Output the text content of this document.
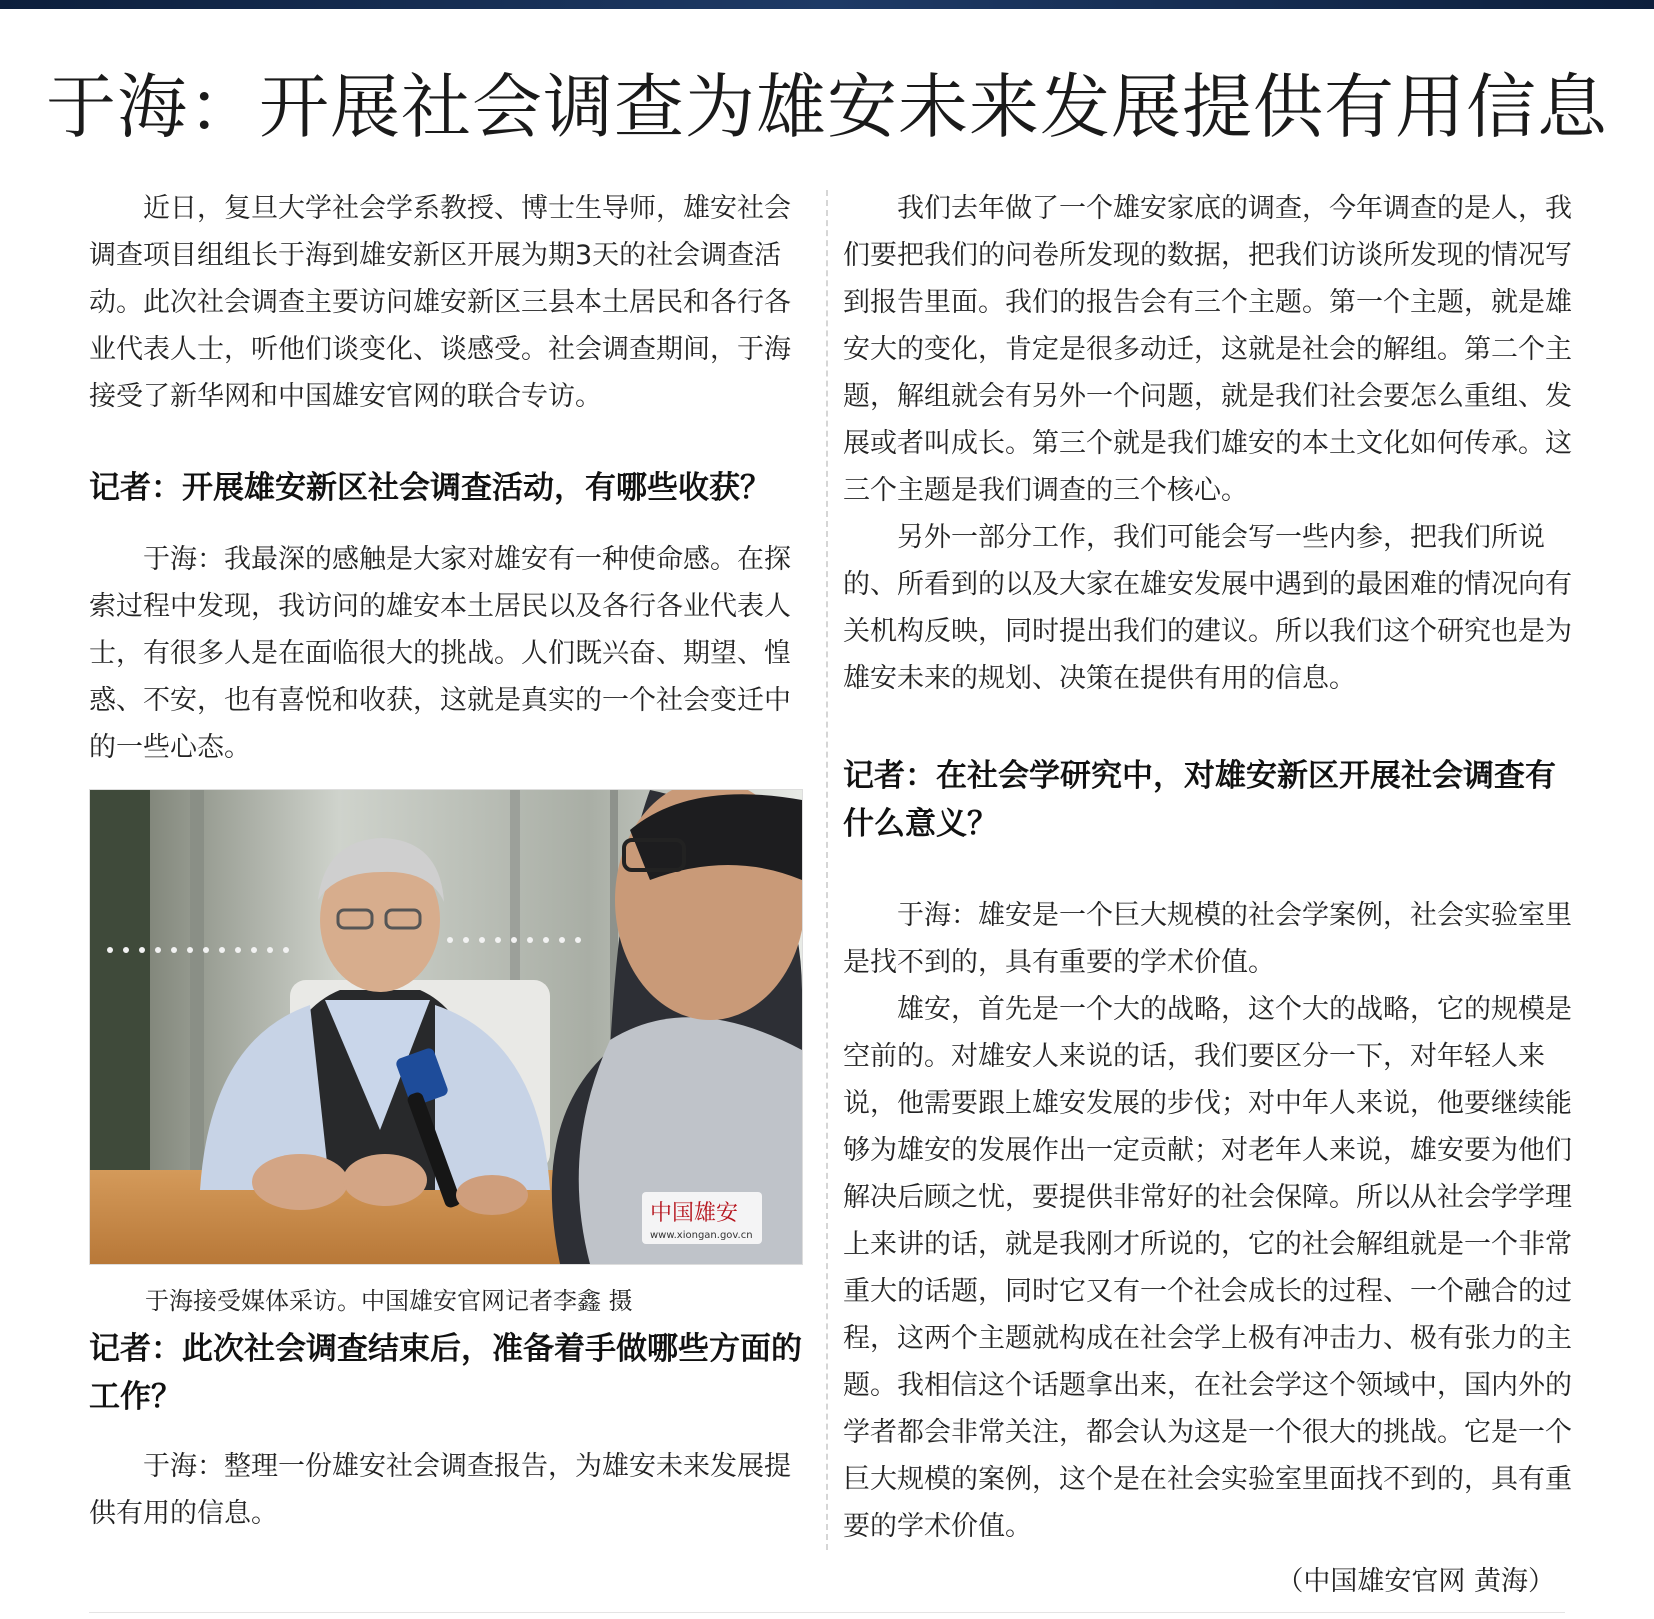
于海：开展社会调查为雄安未来发展提供有用信息

近日，复旦大学社会学系教授、博士生导师，雄安社会调查项目组组长于海到雄安新区开展为期3天的社会调查活动。此次社会调查主要访问雄安新区三县本土居民和各行各业代表人士，听他们谈变化、谈感受。社会调查期间，于海接受了新华网和中国雄安官网的联合专访。

记者：开展雄安新区社会调查活动，有哪些收获？

于海：我最深的感触是大家对雄安有一种使命感。在探索过程中发现，我访问的雄安本土居民以及各行各业代表人士，有很多人是在面临很大的挑战。人们既兴奋、期望、惶惑、不安，也有喜悦和收获，这就是真实的一个社会变迁中的一些心态。

中国雄安
www.xiongan.gov.cn
于海接受媒体采访。中国雄安官网记者李鑫 摄

记者：此次社会调查结束后，准备着手做哪些方面的工作？

于海：整理一份雄安社会调查报告，为雄安未来发展提供有用的信息。

我们去年做了一个雄安家底的调查，今年调查的是人，我们要把我们的问卷所发现的数据，把我们访谈所发现的情况写到报告里面。我们的报告会有三个主题。第一个主题，就是雄安大的变化，肯定是很多动迁，这就是社会的解组。第二个主题，解组就会有另外一个问题，就是我们社会要怎么重组、发展或者叫成长。第三个就是我们雄安的本土文化如何传承。这三个主题是我们调查的三个核心。

另外一部分工作，我们可能会写一些内参，把我们所说的、所看到的以及大家在雄安发展中遇到的最困难的情况向有关机构反映，同时提出我们的建议。所以我们这个研究也是为雄安未来的规划、决策在提供有用的信息。

记者：在社会学研究中，对雄安新区开展社会调查有什么意义？

于海：雄安是一个巨大规模的社会学案例，社会实验室里是找不到的，具有重要的学术价值。

雄安，首先是一个大的战略，这个大的战略，它的规模是空前的。对雄安人来说的话，我们要区分一下，对年轻人来说，他需要跟上雄安发展的步伐；对中年人来说，他要继续能够为雄安的发展作出一定贡献；对老年人来说，雄安要为他们解决后顾之忧，要提供非常好的社会保障。所以从社会学学理上来讲的话，就是我刚才所说的，它的社会解组就是一个非常重大的话题，同时它又有一个社会成长的过程、一个融合的过程，这两个主题就构成在社会学上极有冲击力、极有张力的主题。我相信这个话题拿出来，在社会学这个领域中，国内外的学者都会非常关注，都会认为这是一个很大的挑战。它是一个巨大规模的案例，这个是在社会实验室里面找不到的，具有重要的学术价值。

（中国雄安官网 黄海）
